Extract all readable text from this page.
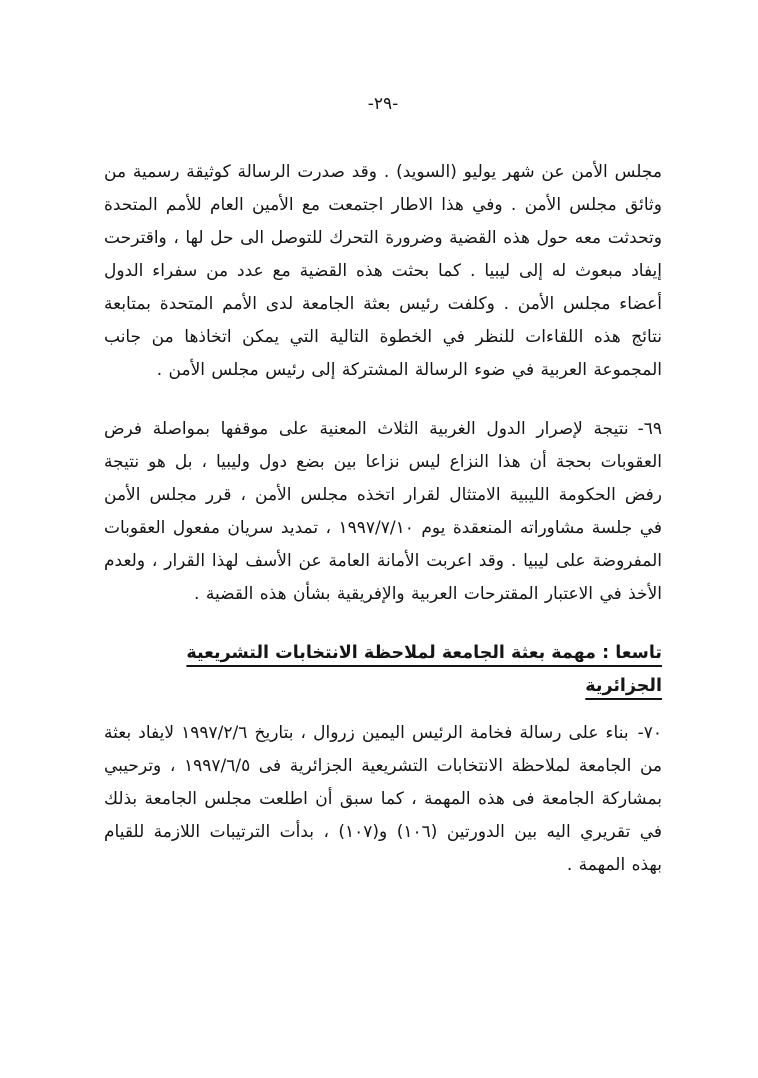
-٢٩-

مجلس الأمن عن شهر يوليو (السويد) . وقد صدرت الرسالة كوثيقة رسمية من وثائق مجلس الأمن . وفي هذا الاطار اجتمعت مع الأمين العام للأمم المتحدة وتحدثت معه حول هذه القضية وضرورة التحرك للتوصل الى حل لها ، واقترحت إيفاد مبعوث له إلى ليبيا . كما بحثت هذه القضية مع عدد من سفراء الدول أعضاء مجلس الأمن . وكلفت رئيس بعثة الجامعة لدى الأمم المتحدة بمتابعة نتائج هذه اللقاءات للنظر في الخطوة التالية التي يمكن اتخاذها من جانب المجموعة العربية في ضوء الرسالة المشتركة إلى رئيس مجلس الأمن .

٦٩-نتيجة لإصرار الدول الغربية الثلاث المعنية على موقفها بمواصلة فرض العقوبات بحجة أن هذا النزاع ليس نزاعا بين بضع دول وليبيا ، بل هو نتيجة رفض الحكومة الليبية الامتثال لقرار اتخذه مجلس الأمن ، قرر مجلس الأمن في جلسة مشاوراته المنعقدة يوم ١٩٩٧/٧/١٠ ، تمديد سريان مفعول العقوبات المفروضة على ليبيا . وقد اعربت الأمانة العامة عن الأسف لهذا القرار ، ولعدم الأخذ في الاعتبار المقترحات العربية والإفريقية بشأن هذه القضية .

تاسعا : مهمة بعثة الجامعة لملاحظة الانتخابات التشريعية الجزائرية

٧٠-بناء على رسالة فخامة الرئيس اليمين زروال ، بتاريخ ١٩٩٧/٢/٦ لايفاد بعثة من الجامعة لملاحظة الانتخابات التشريعية الجزائرية فى ١٩٩٧/٦/٥ ، وترحيبي بمشاركة الجامعة فى هذه المهمة ، كما سبق أن اطلعت مجلس الجامعة بذلك في تقريري اليه بين الدورتين (١٠٦) و(١٠٧) ، بدأت الترتيبات اللازمة للقيام بهذه المهمة .
